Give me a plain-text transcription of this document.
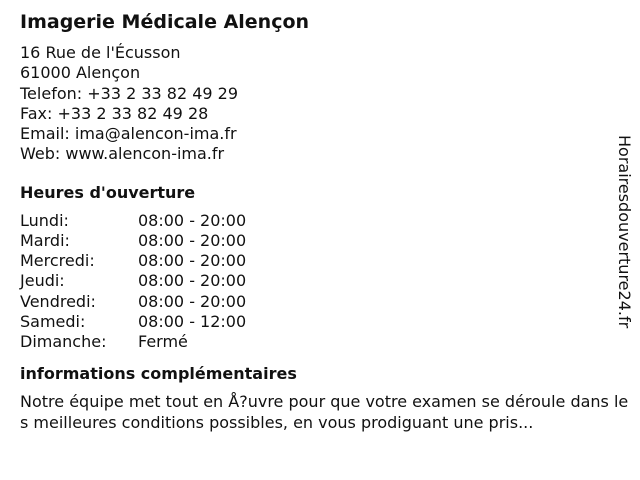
Imagerie Médicale Alençon
16 Rue de l'Écusson
61000 Alençon
Telefon: +33 2 33 82 49 29
Fax: +33 2 33 82 49 28
Email: ima@alencon-ima.fr
Web: www.alencon-ima.fr
Heures d'ouverture
Lundi:	08:00 - 20:00
Mardi:	08:00 - 20:00
Mercredi:	08:00 - 20:00
Jeudi:	08:00 - 20:00
Vendredi:	08:00 - 20:00
Samedi:	08:00 - 12:00
Dimanche:	Fermé
informations complémentaires
Notre équipe met tout en Å?uvre pour que votre examen se déroule dans les meilleures conditions possibles, en vous prodiguant une pris...
Horairesdouverture24.fr
